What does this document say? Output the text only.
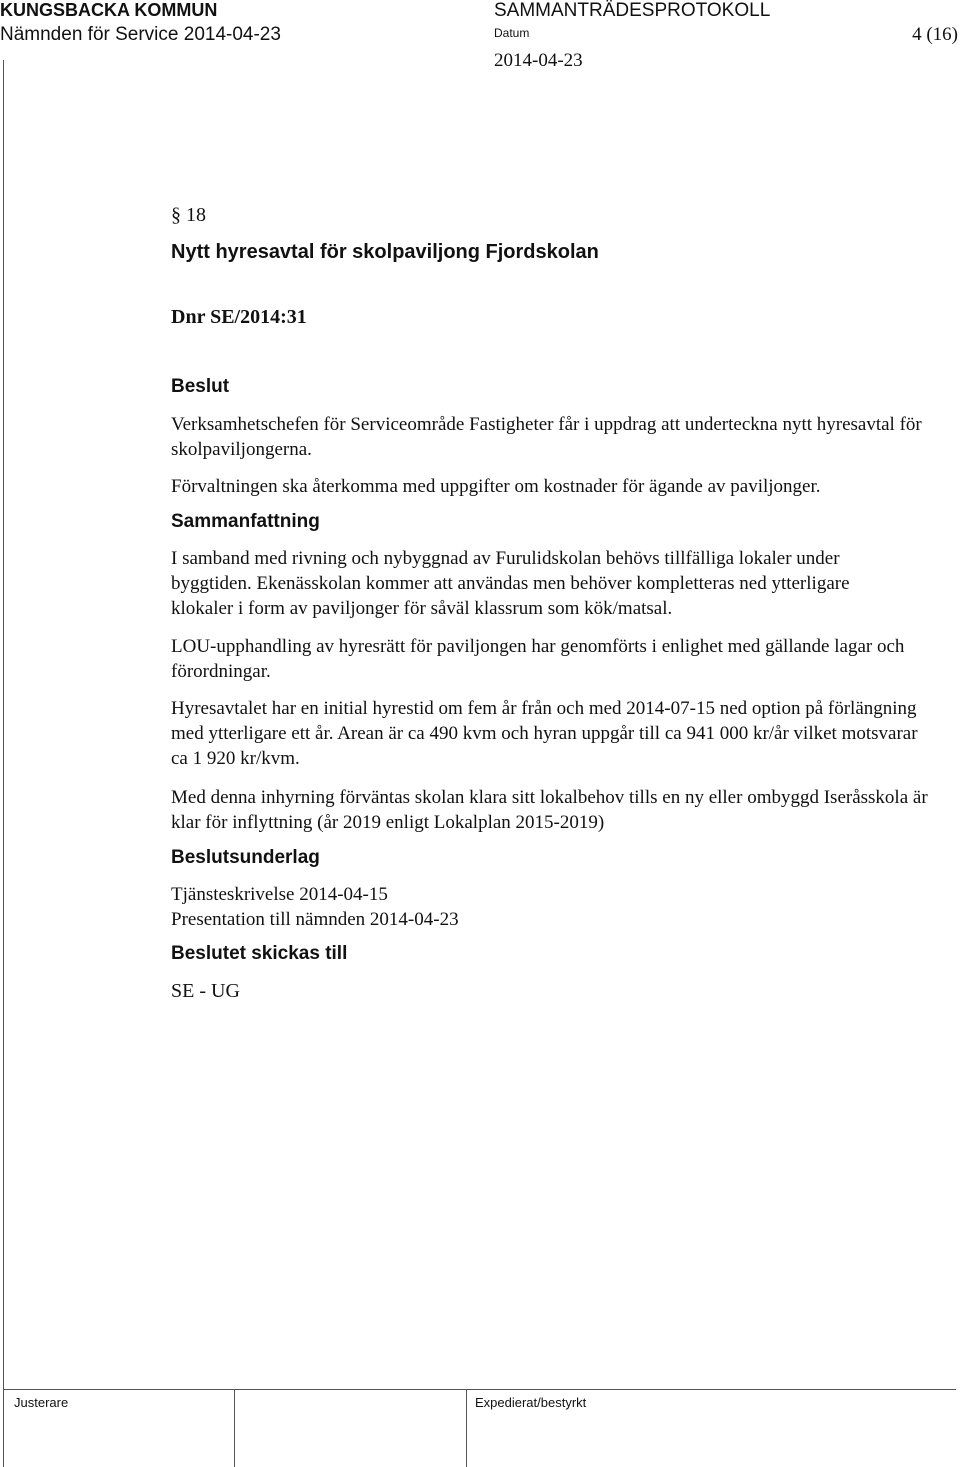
KUNGSBACKA KOMMUN
Nämnden för Service 2014-04-23
SAMMANTRÄDESPROTOKOLL
Datum
2014-04-23
4 (16)
Justerare	Expedierat/bestyrkt

§ 18

Nytt hyresavtal för skolpaviljong Fjordskolan

Dnr SE/2014:31

Beslut

Verksamhetschefen för Serviceområde Fastigheter får i uppdrag att underteckna nytt hyresavtal för skolpaviljongerna.

Förvaltningen ska återkomma med uppgifter om kostnader för ägande av paviljonger.

Sammanfattning

I samband med rivning och nybyggnad av Furulidskolan behövs tillfälliga lokaler under byggtiden. Ekenässkolan kommer att användas men behöver kompletteras ned ytterligare klokaler i form av paviljonger för såväl klassrum som kök/matsal.

LOU-upphandling av hyresrätt för paviljongen har genomförts i enlighet med gällande lagar och förordningar.

Hyresavtalet har en initial hyrestid om fem år från och med 2014-07-15 ned option på förlängning med ytterligare ett år. Arean är ca 490 kvm och hyran uppgår till ca 941 000 kr/år vilket motsvarar ca 1 920 kr/kvm.

Med denna inhyrning förväntas skolan klara sitt lokalbehov tills en ny eller ombyggd Iseråsskola är klar för inflyttning (år 2019 enligt Lokalplan 2015-2019)

Beslutsunderlag

Tjänsteskrivelse 2014-04-15

Presentation till nämnden 2014-04-23

Beslutet skickas till

SE - UG
